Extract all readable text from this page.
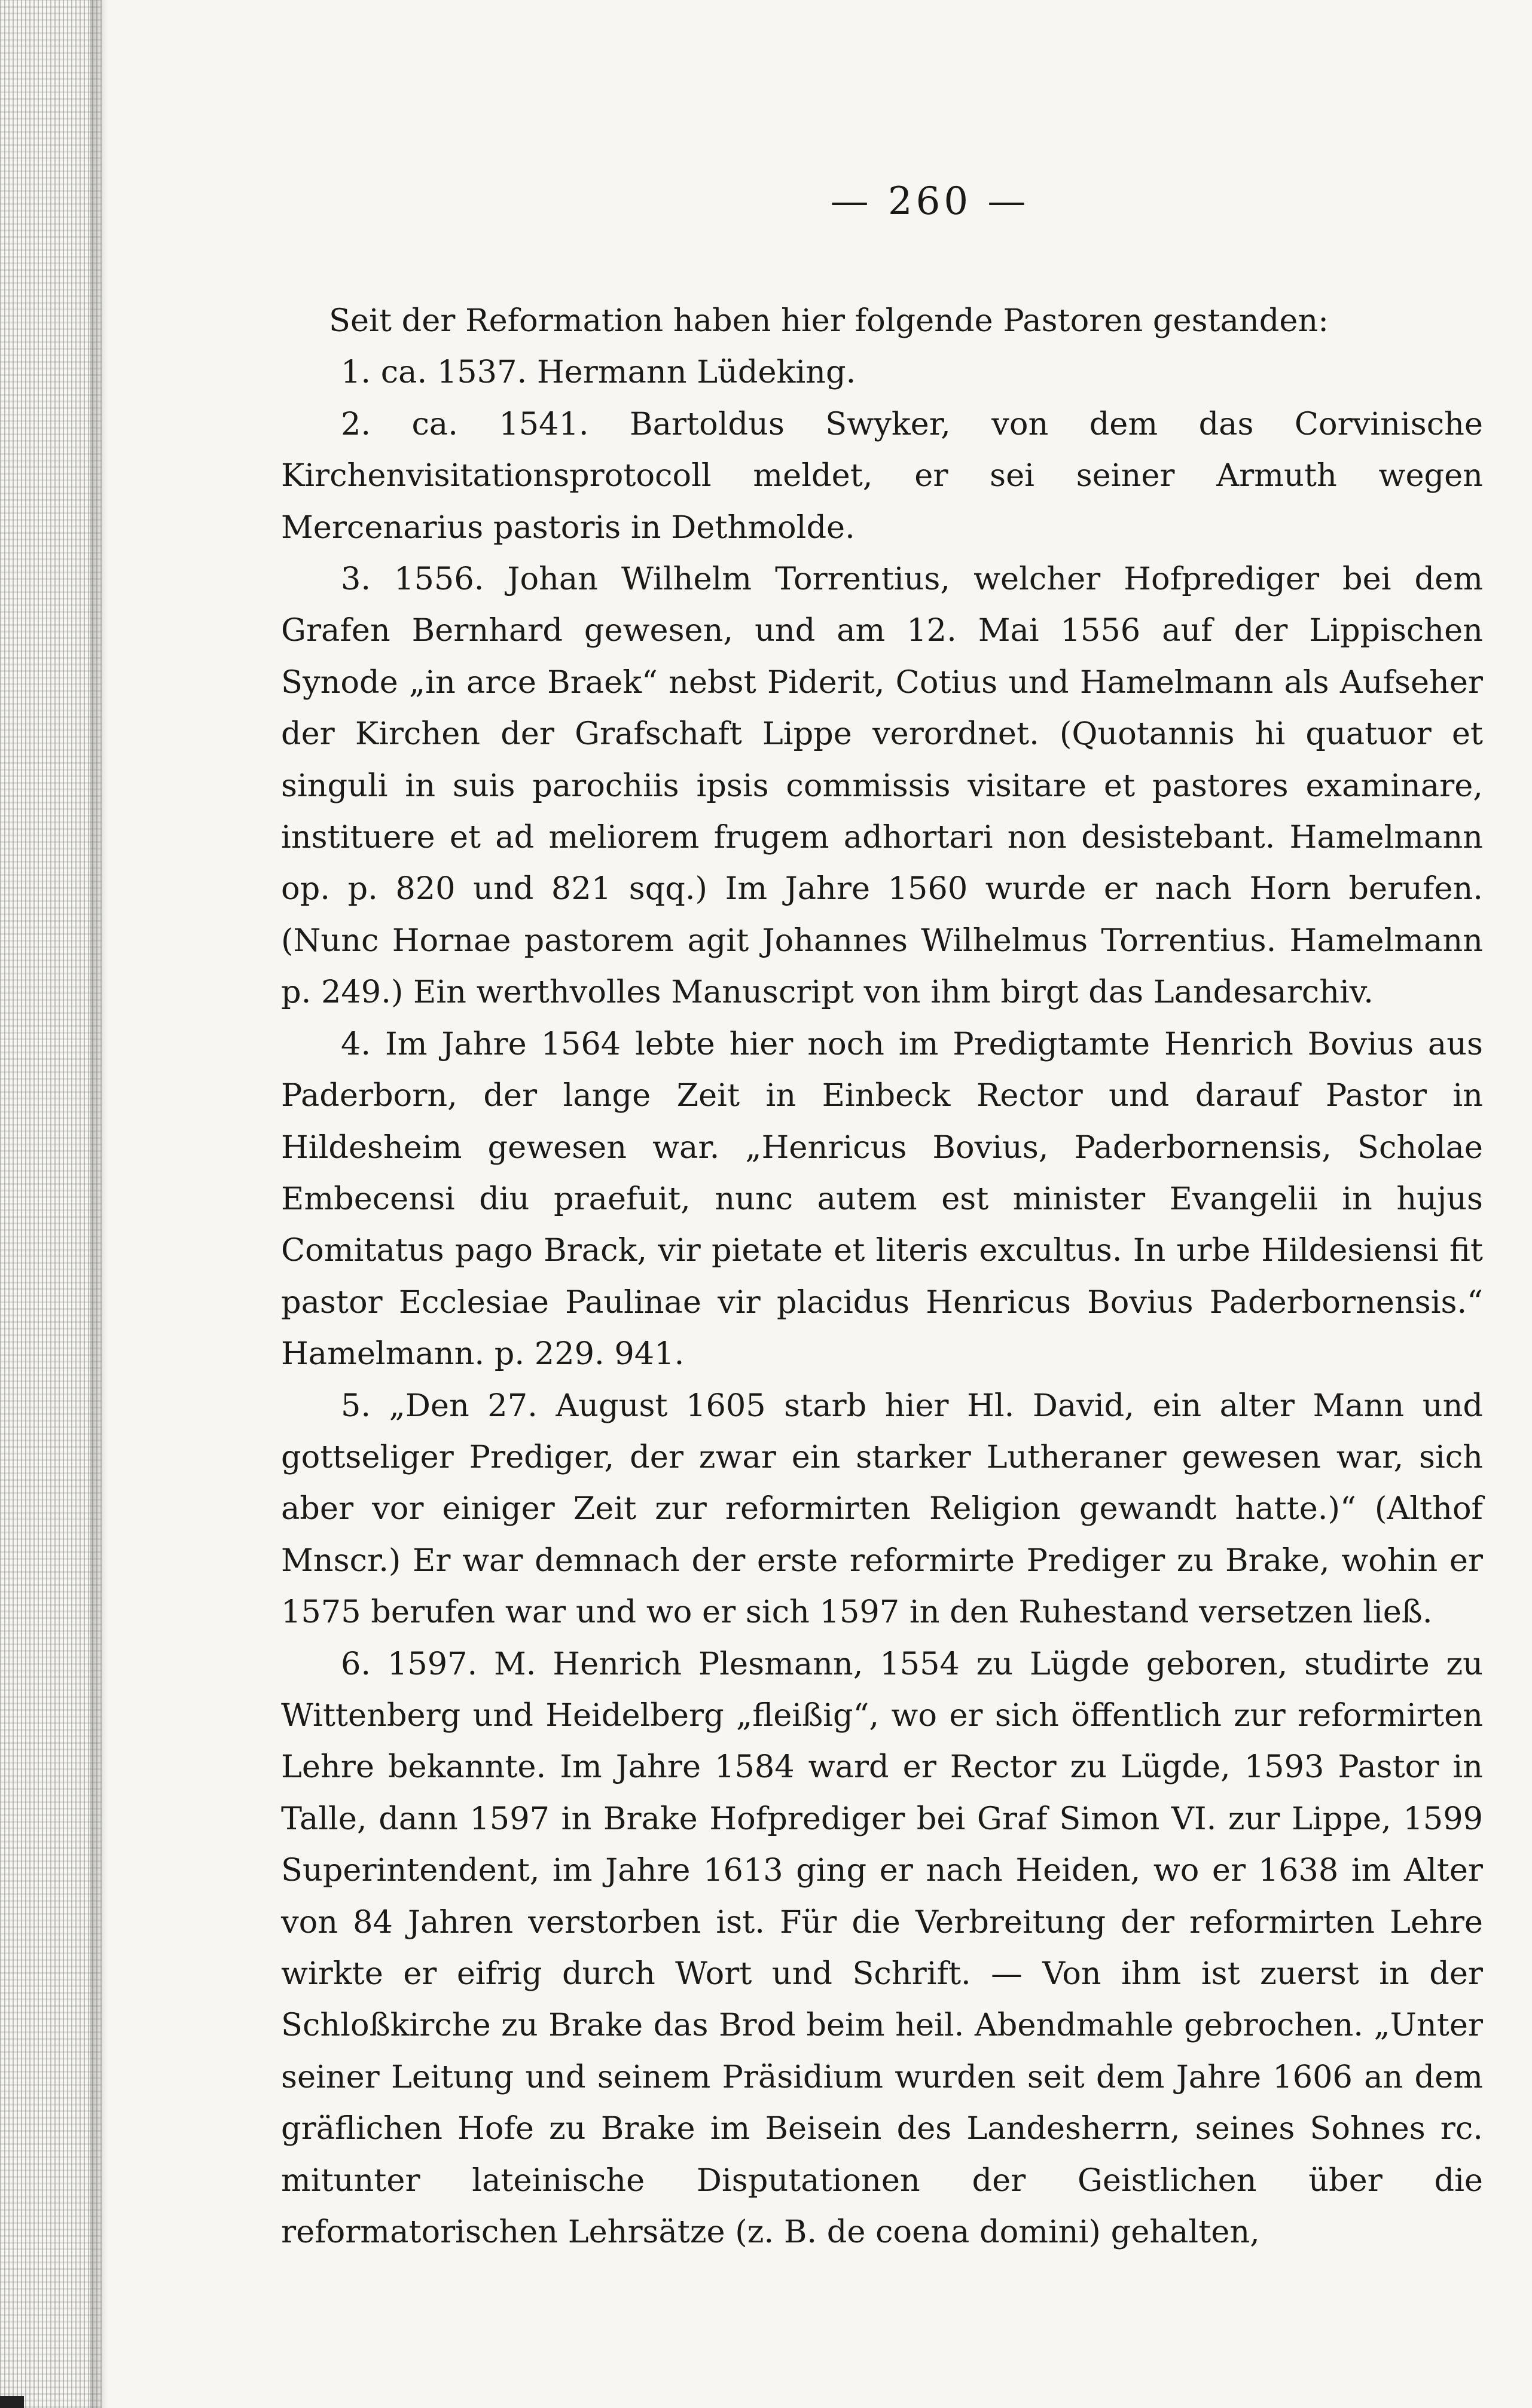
— 260 —

Seit der Reformation haben hier folgende Pastoren gestanden:

1. ca. 1537. Hermann Lüdeking.

2. ca. 1541. Bartoldus Swyker, von dem das Corvinische Kirchenvisitationsprotocoll meldet, er sei seiner Armuth wegen Mercenarius pastoris in Dethmolde.

3. 1556. Johan Wilhelm Torrentius, welcher Hofprediger bei dem Grafen Bernhard gewesen, und am 12. Mai 1556 auf der Lippischen Synode „in arce Braek“ nebst Piderit, Cotius und Hamelmann als Aufseher der Kirchen der Grafschaft Lippe verordnet. (Quotannis hi quatuor et singuli in suis parochiis ipsis commissis visitare et pastores examinare, instituere et ad meliorem frugem adhortari non desistebant. Hamelmann op. p. 820 und 821 sqq.) Im Jahre 1560 wurde er nach Horn berufen. (Nunc Hornae pastorem agit Johannes Wilhelmus Torrentius. Hamelmann p. 249.) Ein werthvolles Manuscript von ihm birgt das Landesarchiv.

4. Im Jahre 1564 lebte hier noch im Predigtamte Henrich Bovius aus Paderborn, der lange Zeit in Einbeck Rector und darauf Pastor in Hildesheim gewesen war. „Henricus Bovius, Paderbornensis, Scholae Embecensi diu praefuit, nunc autem est minister Evangelii in hujus Comitatus pago Brack, vir pietate et literis excultus. In urbe Hildesiensi fit pastor Ecclesiae Paulinae vir placidus Henricus Bovius Paderbornensis.“ Hamelmann. p. 229. 941.

5. „Den 27. August 1605 starb hier Hl. David, ein alter Mann und gottseliger Prediger, der zwar ein starker Lutheraner gewesen war, sich aber vor einiger Zeit zur reformirten Religion gewandt hatte.)“ (Althof Mnscr.) Er war demnach der erste reformirte Prediger zu Brake, wohin er 1575 berufen war und wo er sich 1597 in den Ruhestand versetzen ließ.

6. 1597. M. Henrich Plesmann, 1554 zu Lügde geboren, studirte zu Wittenberg und Heidelberg „fleißig“, wo er sich öffentlich zur reformirten Lehre bekannte. Im Jahre 1584 ward er Rector zu Lügde, 1593 Pastor in Talle, dann 1597 in Brake Hofprediger bei Graf Simon VI. zur Lippe, 1599 Superintendent, im Jahre 1613 ging er nach Heiden, wo er 1638 im Alter von 84 Jahren verstorben ist. Für die Verbreitung der reformirten Lehre wirkte er eifrig durch Wort und Schrift. — Von ihm ist zuerst in der Schloßkirche zu Brake das Brod beim heil. Abendmahle gebrochen. „Unter seiner Leitung und seinem Präsidium wurden seit dem Jahre 1606 an dem gräflichen Hofe zu Brake im Beisein des Landesherrn, seines Sohnes rc. mitunter lateinische Disputationen der Geistlichen über die reformatorischen Lehrsätze (z. B. de coena domini) gehalten,
